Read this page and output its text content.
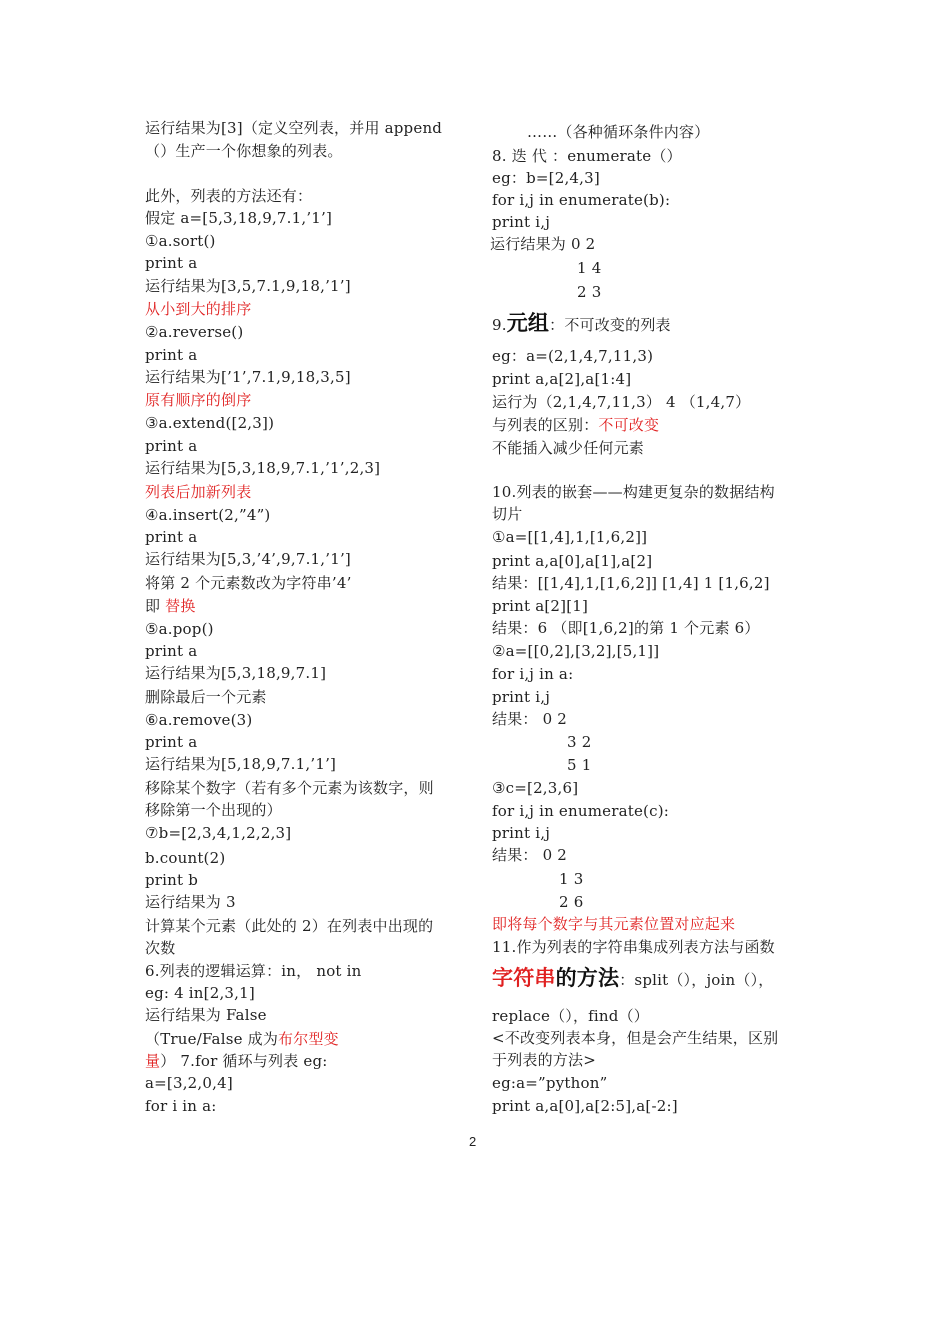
运行结果为[3]（定义空列表，并用 append
（）生产一个你想象的列表。
此外，列表的方法还有：
假定 a=[5,3,18,9,7.1,’1’]
①a.sort()
print a
运行结果为[3,5,7.1,9,18,’1’]
从小到大的排序
②a.reverse()
print a
运行结果为[’1’,7.1,9,18,3,5]
原有顺序的倒序
③a.extend([2,3])
print a
运行结果为[5,3,18,9,7.1,’1’,2,3]
列表后加新列表
④a.insert(2,”4”)
print a
运行结果为[5,3,’4’,9,7.1,’1’]
将第 2 个元素数改为字符串’4’
即 替换
⑤a.pop()
print a
运行结果为[5,3,18,9,7.1]
删除最后一个元素
⑥a.remove(3)
print a
运行结果为[5,18,9,7.1,’1’]
移除某个数字（若有多个元素为该数字，则
移除第一个出现的）
⑦b=[2,3,4,1,2,2,3]
b.count(2)
print b
运行结果为 3
计算某个元素（此处的 2）在列表中出现的
次数
6.列表的逻辑运算：in， not in
eg: 4 in[2,3,1]
运行结果为 False
（True/False 成为布尔型变
量） 7.for 循环与列表 eg:
a=[3,2,0,4]
for i in a:
……（各种循环条件内容）
8. 迭 代 ：enumerate（）
eg：b=[2,4,3]
for i,j in enumerate(b):
print i,j
运行结果为 0 2
1 4
2 3
9.元组：不可改变的列表
eg：a=(2,1,4,7,11,3)
print a,a[2],a[1:4]
运行为（2,1,4,7,11,3） 4 （1,4,7）
与列表的区别：不可改变
不能插入减少任何元素
10.列表的嵌套——构建更复杂的数据结构
切片
①a=[[1,4],1,[1,6,2]]
print a,a[0],a[1],a[2]
结果：[[1,4],1,[1,6,2]] [1,4] 1 [1,6,2]
print a[2][1]
结果：6 （即[1,6,2]的第 1 个元素 6）
②a=[[0,2],[3,2],[5,1]]
for i,j in a:
print i,j
结果： 0 2
3 2
5 1
③c=[2,3,6]
for i,j in enumerate(c):
print i,j
结果： 0 2
1 3
2 6
即将每个数字与其元素位置对应起来
11.作为列表的字符串集成列表方法与函数
字符串的方法：split（），join（），
replace（），find（）
<不改变列表本身，但是会产生结果，区别
于列表的方法>
eg:a=”python”
print a,a[0],a[2:5],a[-2:]
2
